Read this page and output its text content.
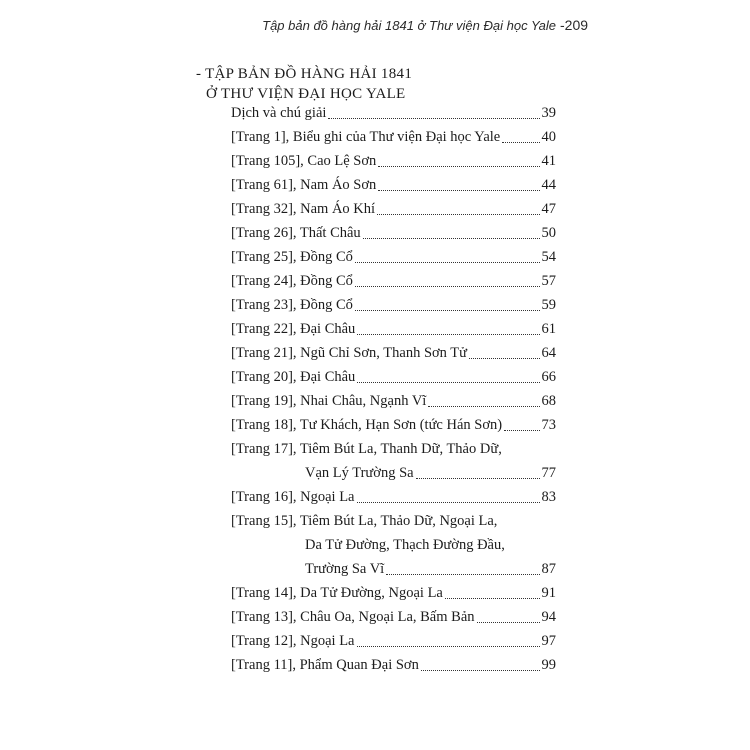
Tập bản đồ hàng hải 1841 ở Thư viện Đại học Yale -209
- TẬP BẢN ĐỒ HÀNG HẢI 1841
Ở THƯ VIỆN ĐẠI HỌC YALE
Dịch và chú giải	39
[Trang 1], Biểu ghi của Thư viện Đại học Yale	40
[Trang 105], Cao Lệ Sơn	41
[Trang 61], Nam Áo Sơn	44
[Trang 32], Nam Áo Khí	47
[Trang 26], Thất Châu	50
[Trang 25], Đồng Cổ	54
[Trang 24], Đồng Cổ	57
[Trang 23], Đồng Cổ	59
[Trang 22], Đại Châu	61
[Trang 21], Ngũ Chỉ Sơn, Thanh Sơn Tử	64
[Trang 20], Đại Châu	66
[Trang 19], Nhai Châu, Ngạnh Vĩ	68
[Trang 18], Tư Khách, Hạn Sơn (tức Hán Sơn)	73
[Trang 17], Tiêm Bút La, Thanh Dữ, Thảo Dữ,
Vạn Lý Trường Sa	77
[Trang 16], Ngoại La	83
[Trang 15], Tiêm Bút La, Thảo Dữ, Ngoại La,
Da Tử Đường, Thạch Đường Đầu,
Trường Sa Vĩ	87
[Trang 14], Da Tử Đường, Ngoại La	91
[Trang 13], Châu Oa, Ngoại La, Bấm Bản	94
[Trang 12], Ngoại La	97
[Trang 11], Phẩm Quan Đại Sơn	99
